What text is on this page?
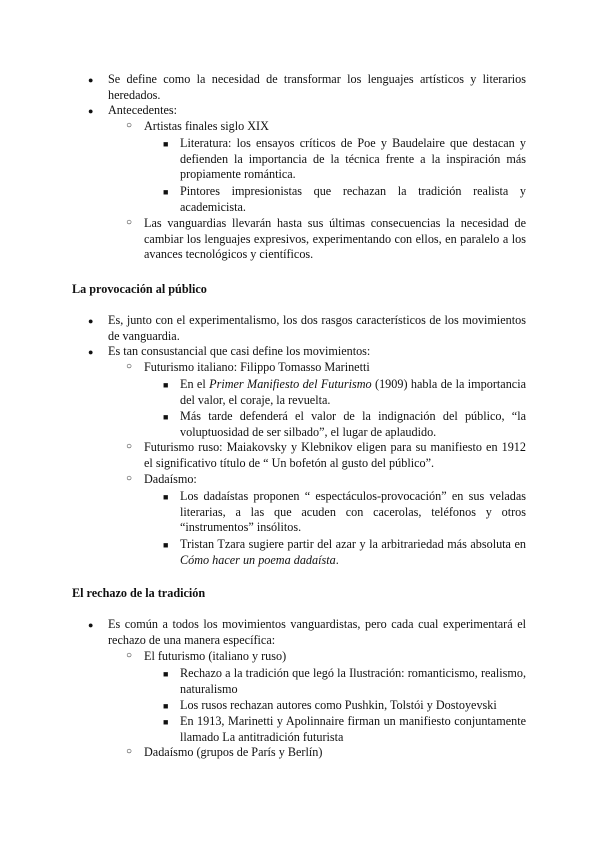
● Se define como la necesidad de transformar los lenguajes artísticos y literarios heredados.
● Antecedentes:
○ Artistas finales siglo XIX
■ Literatura: los ensayos críticos de Poe y Baudelaire que destacan y defienden la importancia de la técnica frente a la inspiración más propiamente romántica.
■ Pintores impresionistas que rechazan la tradición realista y academicista.
○ Las vanguardias llevarán hasta sus últimas consecuencias la necesidad de cambiar los lenguajes expresivos, experimentando con ellos, en paralelo a los avances tecnológicos y científicos.
La provocación al público
● Es, junto con el experimentalismo, los dos rasgos característicos de los movimientos de vanguardia.
● Es tan consustancial que casi define los movimientos:
○ Futurismo italiano: Filippo Tomasso Marinetti
■ En el Primer Manifiesto del Futurismo (1909) habla de la importancia del valor, el coraje, la revuelta.
■ Más tarde defenderá el valor de la indignación del público, “la voluptuosidad de ser silbado”, el lugar de aplaudido.
○ Futurismo ruso: Maiakovsky y Klebnikov eligen para su manifiesto en 1912 el significativo título de “ Un bofetón al gusto del público”.
○ Dadaísmo:
■ Los dadaístas proponen “ espectáculos-provocación” en sus veladas literarias, a las que acuden con cacerolas, teléfonos y otros “instrumentos” insólitos.
■ Tristan Tzara sugiere partir del azar y la arbitrariedad más absoluta en Cómo hacer un poema dadaísta.
El rechazo de la tradición
● Es común a todos los movimientos vanguardistas, pero cada cual experimentará el rechazo de una manera específica:
○ El futurismo (italiano y ruso)
■ Rechazo a la tradición que legó la Ilustración: romanticismo, realismo, naturalismo
■ Los rusos rechazan autores como Pushkin, Tolstói y Dostoyevski
■ En 1913, Marinetti y Apolinnaire firman un manifiesto conjuntamente llamado La antitradición futurista
○ Dadaísmo (grupos de París y Berlín)
